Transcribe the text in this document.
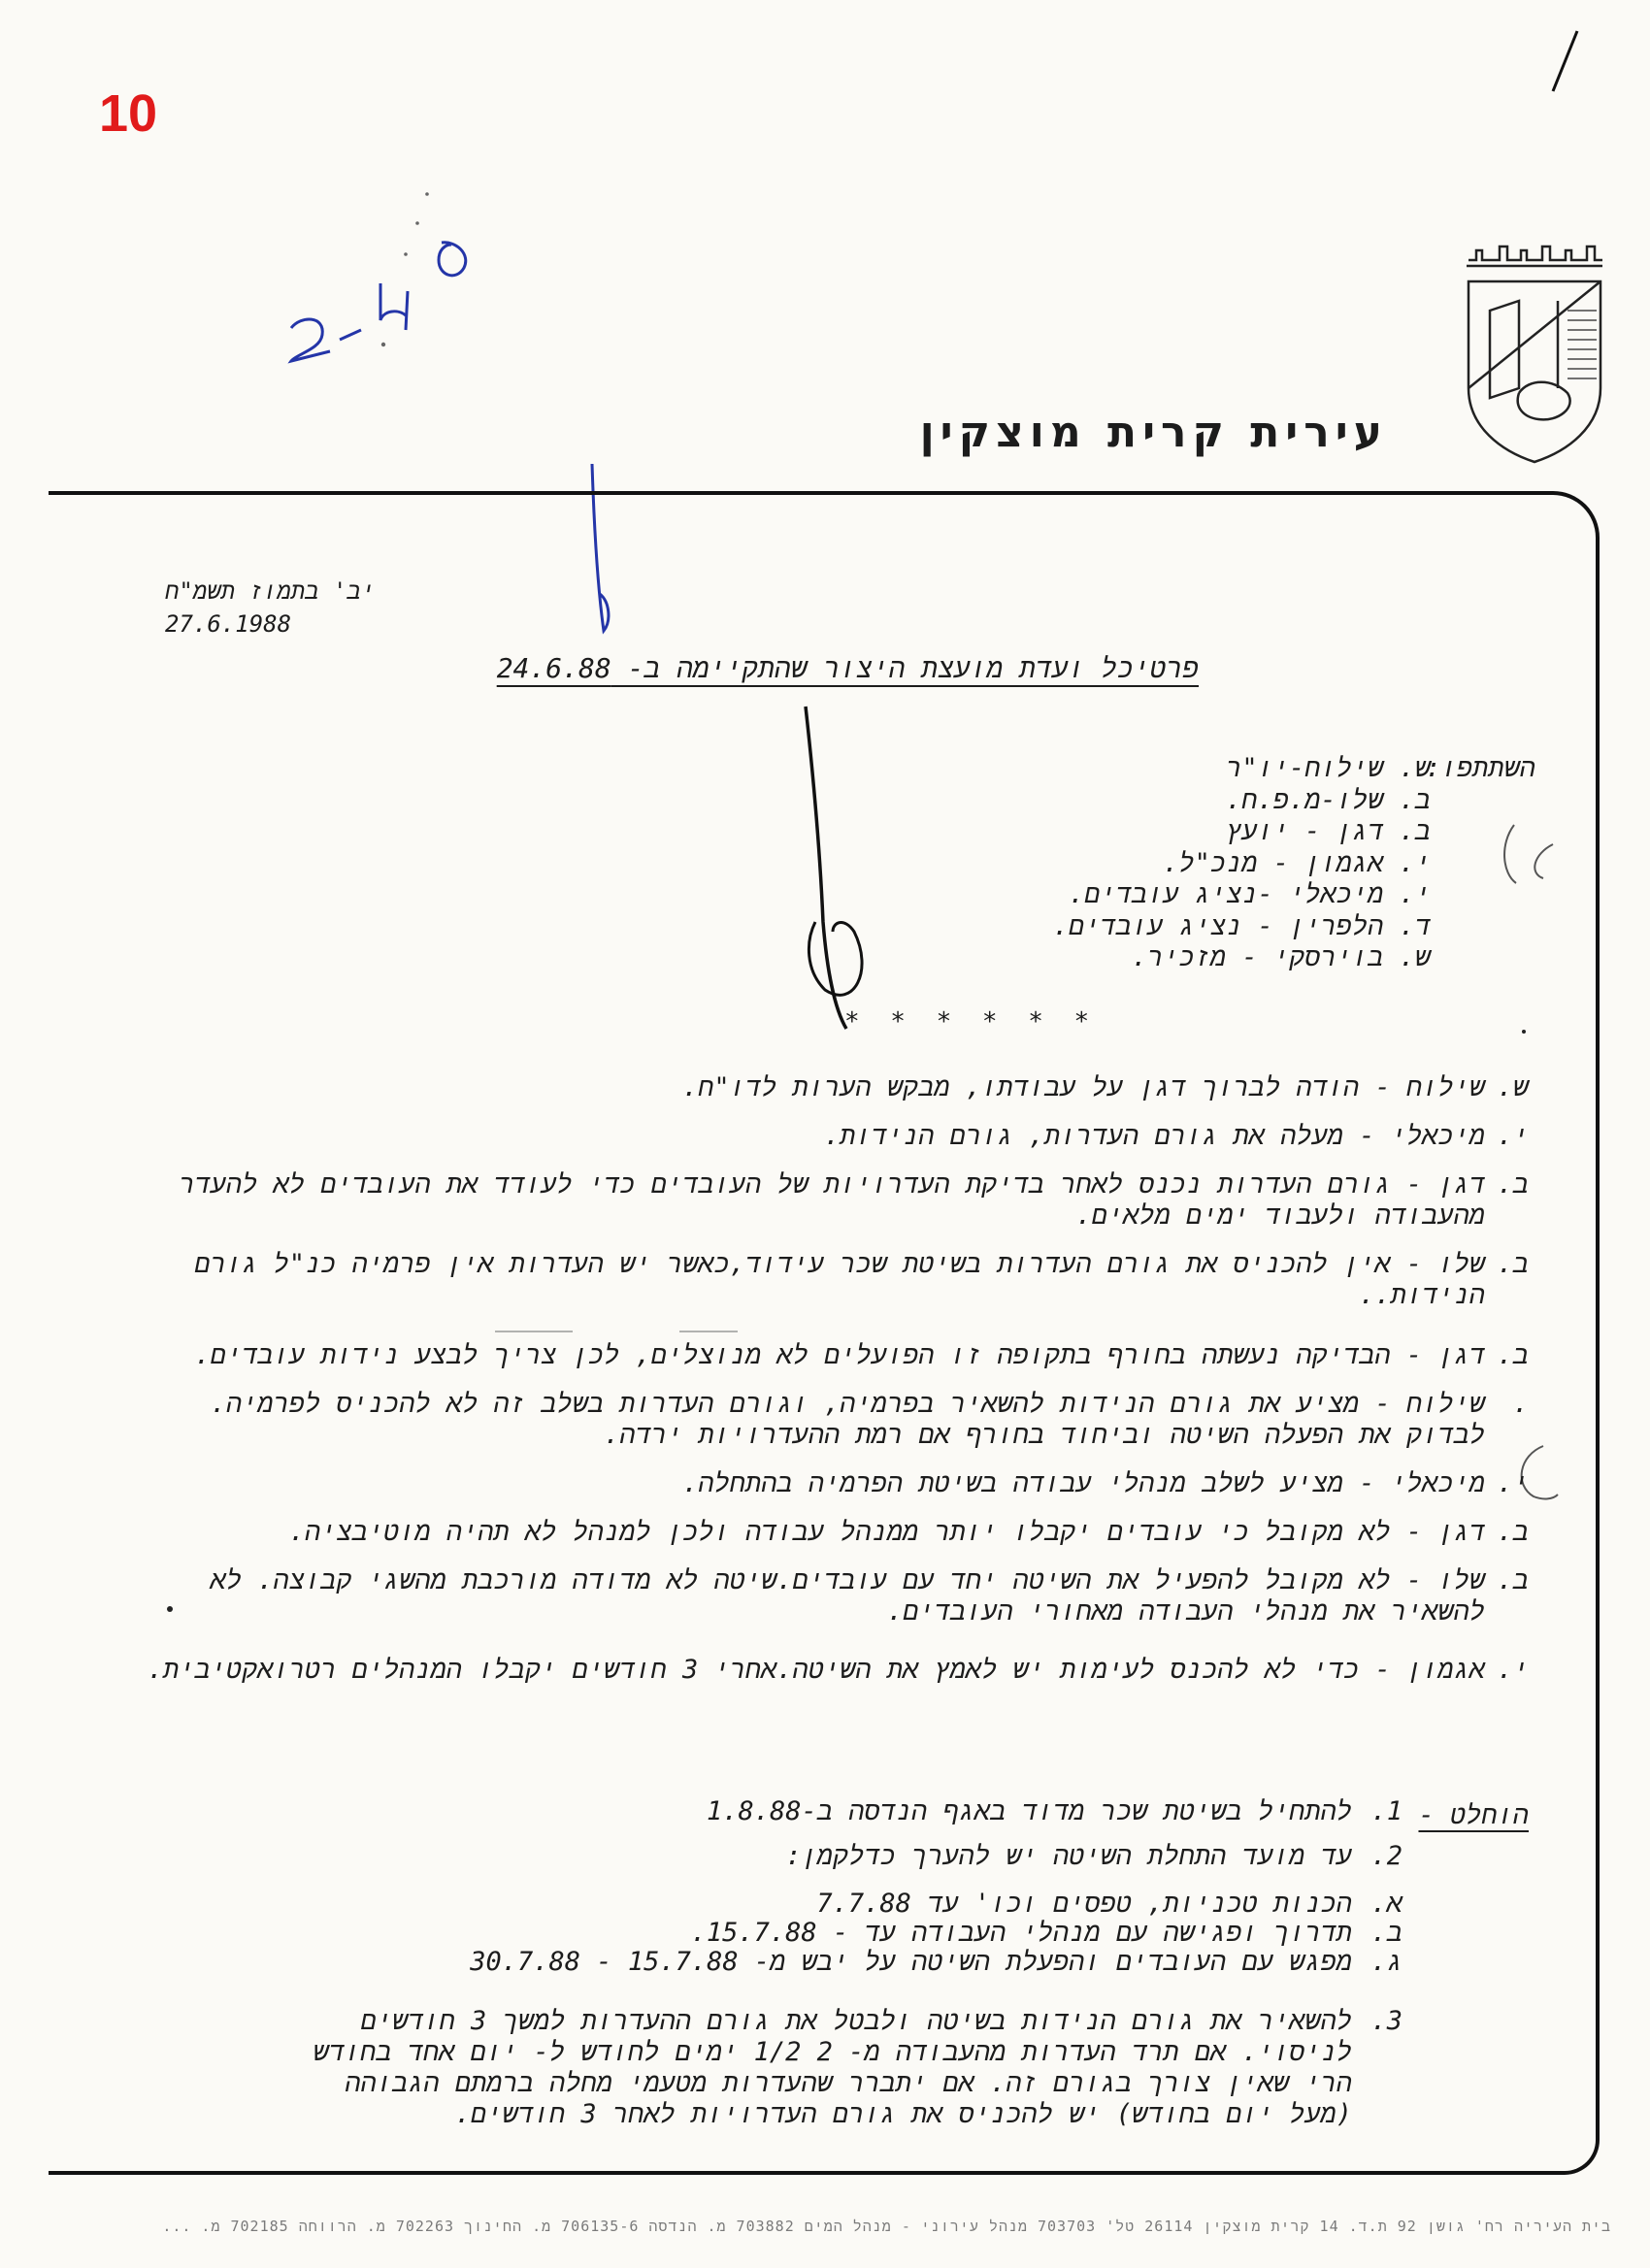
10
עירית קרית מוצקין
יב' בתמוז תשמ"ח
27.6.1988
פרטיכל ועדת מועצת היצור שהתקיימה ב- 24.6.88
השתתפו:ש. שילוח-יו"ר
ב. שלו-מ.פ.ח.
ב. דגן - יועץ
י. אגמון - מנכ"ל.
י. מיכאלי -נציג עובדים.
ד. הלפרין - נציג עובדים.
ש. בוירסקי - מזכיר.
* * * * * *
ש.
שילוח - הודה לברוך דגן על עבודתו, מבקש הערות לדו"ח.
י.
מיכאלי - מעלה את גורם העדרות, גורם הנידות.
ב.
דגן - גורם העדרות נכנס לאחר בדיקת העדרויות של העובדים כדי לעודד את העובדים לא להעדר מהעבודה ולעבוד ימים מלאים.
ב.
שלו - אין להכניס את גורם העדרות בשיטת שכר עידוד,כאשר יש העדרות אין פרמיה כנ"ל גורם הנידות..
ב.
דגן - הבדיקה נעשתה בחורף בתקופה זו הפועלים לא מנוצלים, לכן צריך לבצע נידות עובדים.
.
שילוח - מציע את גורם הנידות להשאיר בפרמיה, וגורם העדרות בשלב זה לא להכניס לפרמיה. לבדוק את הפעלה השיטה וביחוד בחורף אם רמת ההעדרויות ירדה.
י.
מיכאלי - מציע לשלב מנהלי עבודה בשיטת הפרמיה בהתחלה.
ב.
דגן - לא מקובל כי עובדים יקבלו יותר ממנהל עבודה ולכן למנהל לא תהיה מוטיבציה.
ב.
שלו - לא מקובל להפעיל את השיטה יחד עם עובדים.שיטה לא מדודה מורכבת מהשגי קבוצה. לא להשאיר את מנהלי העבודה מאחורי העובדים.
י.
אגמון - כדי לא להכנס לעימות יש לאמץ את השיטה.אחרי 3 חודשים יקבלו המנהלים רטרואקטיבית.
הוחלט -
1.
להתחיל בשיטת שכר מדוד באגף הנדסה ב-1.8.88
2.
עד מועד התחלת השיטה יש להערך כדלקמן:
א.
הכנות טכניות, טפסים וכו' עד 7.7.88
ב.
תדרוך ופגישה עם מנהלי העבודה עד - 15.7.88.
ג.
מפגש עם העובדים והפעלת השיטה על יבש מ- 15.7.88 - 30.7.88
3.
להשאיר את גורם הנידות בשיטה ולבטל את גורם ההעדרות למשך 3 חודשים לניסוי. אם תרד העדרות מהעבודה מ- 2 1/2 ימים לחודש ל- יום אחד בחודש הרי שאין צורך בגורם זה. אם יתברר שהעדרות מטעמי מחלה ברמתם הגבוהה (מעל יום בחודש) יש להכניס את גורם העדרויות לאחר 3 חודשים.
בית העיריה רח' גושן 92 ת.ד. 14 קרית מוצקין 26114 טל' 703703 מנהל עירוני - מנהל המים 703882 מ. הנדסה 706135-6 מ. החינוך 702263 מ. הרווחה 702185 מ. ...
